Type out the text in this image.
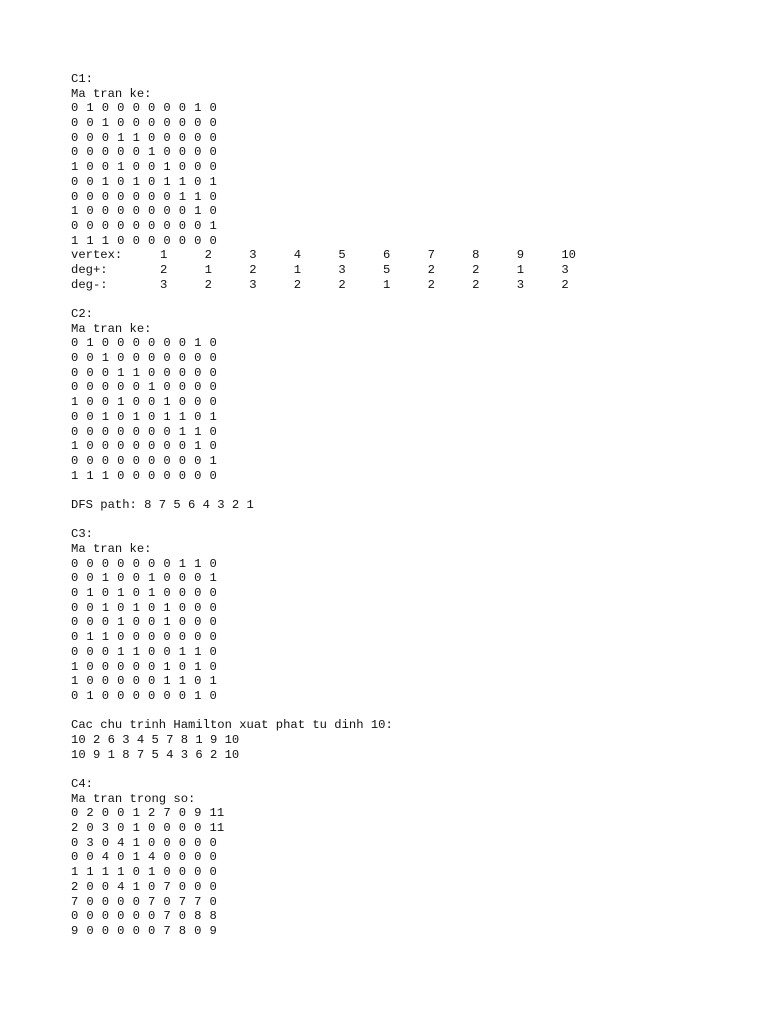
C1:
Ma tran ke:
0 1 0 0 0 0 0 0 1 0
0 0 1 0 0 0 0 0 0 0
0 0 0 1 1 0 0 0 0 0
0 0 0 0 0 1 0 0 0 0
1 0 0 1 0 0 1 0 0 0
0 0 1 0 1 0 1 1 0 1
0 0 0 0 0 0 0 1 1 0
1 0 0 0 0 0 0 0 1 0
0 0 0 0 0 0 0 0 0 1
1 1 1 0 0 0 0 0 0 0
vertex:	1	2	3	4	5	6	7	8	9	10
deg+:	2	1	2	1	3	5	2	2	1	3
deg-:	3	2	3	2	2	1	2	2	3	2
C2:
Ma tran ke:
0 1 0 0 0 0 0 0 1 0
0 0 1 0 0 0 0 0 0 0
0 0 0 1 1 0 0 0 0 0
0 0 0 0 0 1 0 0 0 0
1 0 0 1 0 0 1 0 0 0
0 0 1 0 1 0 1 1 0 1
0 0 0 0 0 0 0 1 1 0
1 0 0 0 0 0 0 0 1 0
0 0 0 0 0 0 0 0 0 1
1 1 1 0 0 0 0 0 0 0
DFS path: 8 7 5 6 4 3 2 1
C3:
Ma tran ke:
0 0 0 0 0 0 0 1 1 0
0 0 1 0 0 1 0 0 0 1
0 1 0 1 0 1 0 0 0 0
0 0 1 0 1 0 1 0 0 0
0 0 0 1 0 0 1 0 0 0
0 1 1 0 0 0 0 0 0 0
0 0 0 1 1 0 0 1 1 0
1 0 0 0 0 0 1 0 1 0
1 0 0 0 0 0 1 1 0 1
0 1 0 0 0 0 0 0 1 0
Cac chu trinh Hamilton xuat phat tu dinh 10:
10 2 6 3 4 5 7 8 1 9 10
10 9 1 8 7 5 4 3 6 2 10
C4:
Ma tran trong so:
0 2 0 0 1 2 7 0 9 11
2 0 3 0 1 0 0 0 0 11
0 3 0 4 1 0 0 0 0 0
0 0 4 0 1 4 0 0 0 0
1 1 1 1 0 1 0 0 0 0
2 0 0 4 1 0 7 0 0 0
7 0 0 0 0 7 0 7 7 0
0 0 0 0 0 0 7 0 8 8
9 0 0 0 0 0 7 8 0 9
